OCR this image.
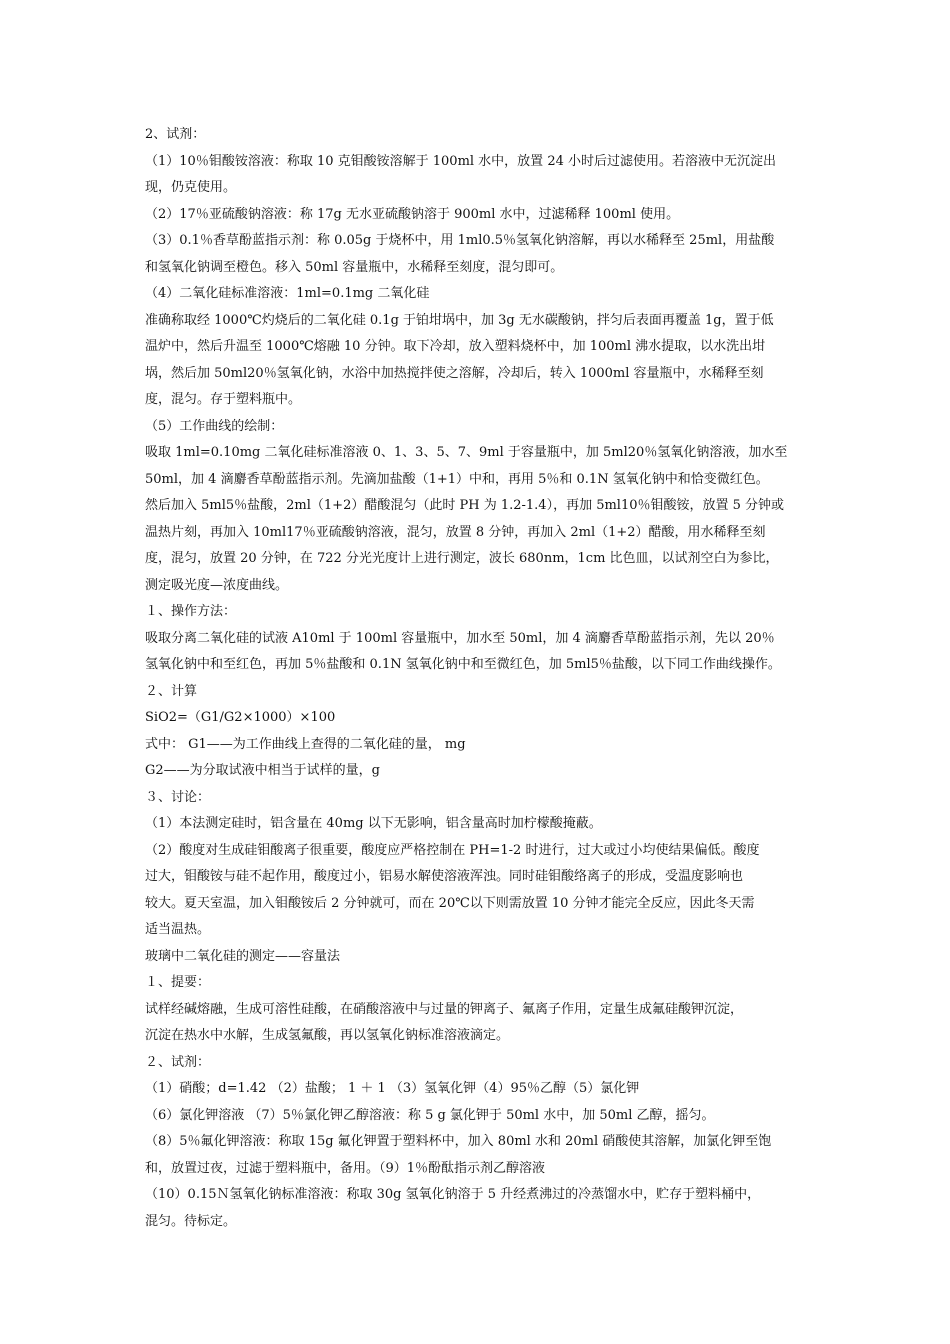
2、试剂：
（1）10％钼酸铵溶液：称取 10 克钼酸铵溶解于 100ml 水中，放置 24 小时后过滤使用。若溶液中无沉淀出
现，仍克使用。
（2）17％亚硫酸钠溶液：称 17g 无水亚硫酸钠溶于 900ml 水中，过滤稀释 100ml 使用。
（3）0.1％香草酚蓝指示剂：称 0.05g 于烧杯中，用 1ml0.5％氢氧化钠溶解，再以水稀释至 25ml，用盐酸
和氢氧化钠调至橙色。移入 50ml 容量瓶中，水稀释至刻度，混匀即可。
（4）二氧化硅标准溶液：1ml=0.1mg 二氧化硅
准确称取经 1000℃灼烧后的二氧化硅 0.1g 于铂坩埚中，加 3g 无水碳酸钠，拌匀后表面再覆盖 1g，置于低
温炉中，然后升温至 1000℃熔融 10 分钟。取下冷却，放入塑料烧杯中，加 100ml 沸水提取，以水洗出坩
埚，然后加 50ml20％氢氧化钠，水浴中加热搅拌使之溶解，冷却后，转入 1000ml 容量瓶中，水稀释至刻
度，混匀。存于塑料瓶中。
（5）工作曲线的绘制：
吸取 1ml=0.10mg 二氧化硅标准溶液 0、1、3、5、7、9ml 于容量瓶中，加 5ml20％氢氧化钠溶液，加水至
50ml，加 4 滴麝香草酚蓝指示剂。先滴加盐酸（1+1）中和，再用 5％和 0.1N 氢氧化钠中和恰变微红色。
然后加入 5ml5％盐酸，2ml（1+2）醋酸混匀（此时 PH 为 1.2-1.4），再加 5ml10％钼酸铵，放置 5 分钟或
温热片刻，再加入 10ml17％亚硫酸钠溶液，混匀，放置 8 分钟，再加入 2ml（1+2）醋酸，用水稀释至刻
度，混匀，放置 20 分钟，在 722 分光光度计上进行测定，波长 680nm，1cm 比色皿，以试剂空白为参比，
测定吸光度—浓度曲线。
１、操作方法：
吸取分离二氧化硅的试液 A10ml 于 100ml 容量瓶中，加水至 50ml，加 4 滴麝香草酚蓝指示剂，先以 20％
氢氧化钠中和至红色，再加 5％盐酸和 0.1N 氢氧化钠中和至微红色，加 5ml5％盐酸，以下同工作曲线操作。
２、计算
SiO2=（G1/G2×1000）×100
式中： G1——为工作曲线上查得的二氧化硅的量， mg
G2——为分取试液中相当于试样的量，g
３、讨论：
（1）本法测定硅时，铝含量在 40mg 以下无影响，铝含量高时加柠檬酸掩蔽。
（2）酸度对生成硅钼酸离子很重要，酸度应严格控制在 PH=1-2 时进行，过大或过小均使结果偏低。酸度
过大，钼酸铵与硅不起作用，酸度过小，铝易水解使溶液浑浊。同时硅钼酸络离子的形成，受温度影响也
较大。夏天室温，加入钼酸铵后 2 分钟就可，而在 20℃以下则需放置 10 分钟才能完全反应，因此冬天需
适当温热。
玻璃中二氧化硅的测定——容量法
１、提要：
试样经碱熔融，生成可溶性硅酸，在硝酸溶液中与过量的钾离子、氟离子作用，定量生成氟硅酸钾沉淀，
沉淀在热水中水解，生成氢氟酸，再以氢氧化钠标准溶液滴定。
２、试剂：
（1）硝酸；d=1.42 （2）盐酸； 1 ＋ 1 （3）氢氧化钾（4）95％乙醇（5）氯化钾
（6）氯化钾溶液 （7）5％氯化钾乙醇溶液：称 5 g 氯化钾于 50ml 水中，加 50ml 乙醇，摇匀。
（8）5％氟化钾溶液：称取 15g 氟化钾置于塑料杯中，加入 80ml 水和 20ml 硝酸使其溶解，加氯化钾至饱
和，放置过夜，过滤于塑料瓶中，备用。（9）1％酚酞指示剂乙醇溶液
（10）0.15Ｎ氢氧化钠标准溶液：称取 30g 氢氧化钠溶于 5 升经煮沸过的冷蒸馏水中，贮存于塑料桶中，
混匀。待标定。
